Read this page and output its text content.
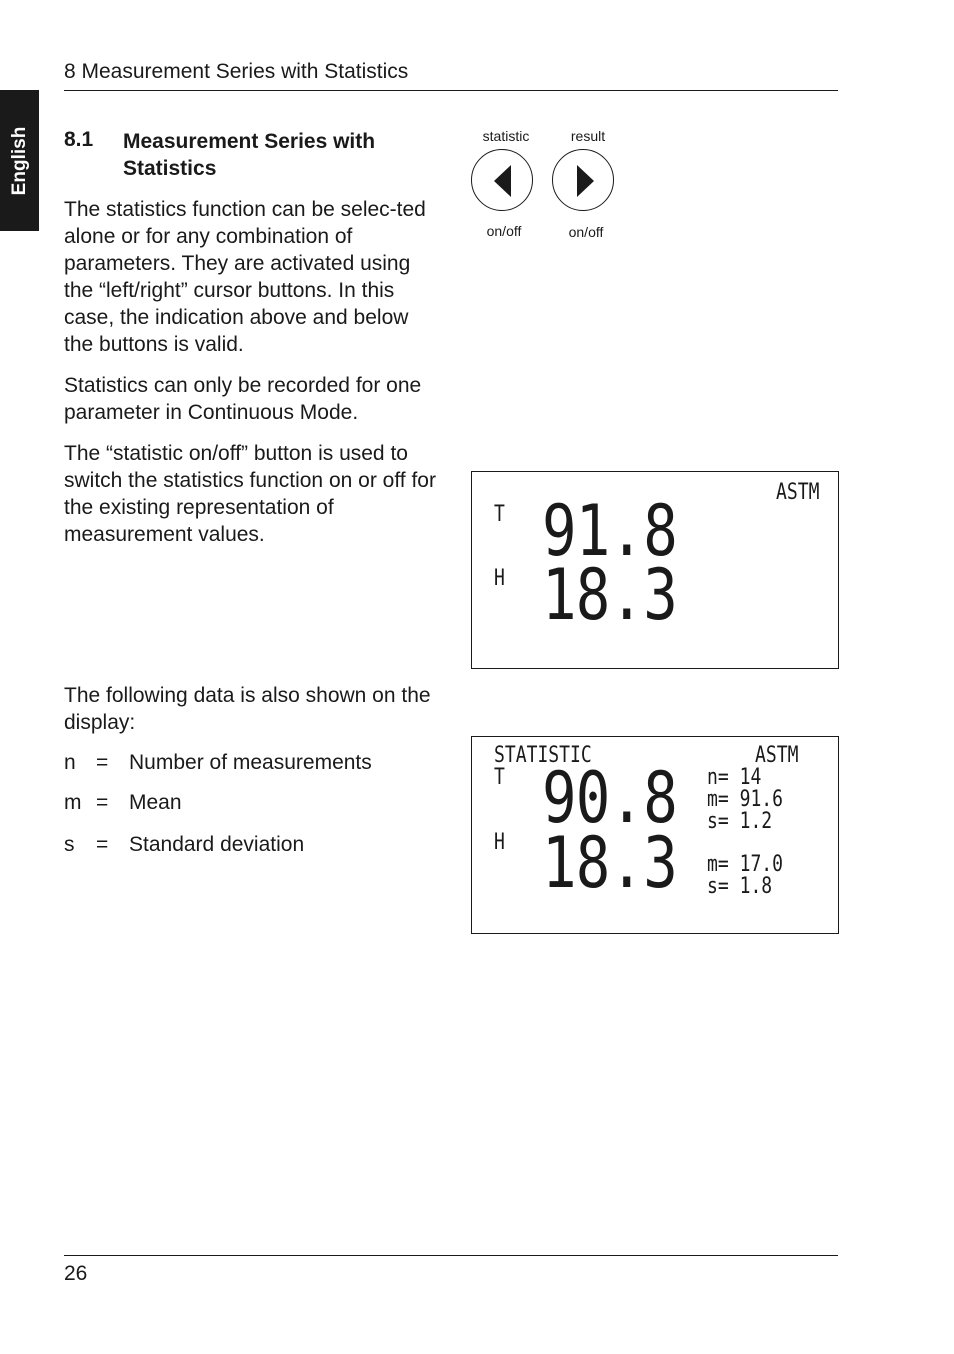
8 Measurement Series with Statistics
English 8.1 Measurement Series with Statistics

The statistics function can be selec-ted alone or for any combination of parameters. They are activated using the “left/right” cursor buttons. In this case, the indication above and below the buttons is valid.

Statistics can only be recorded for one parameter in Continuous Mode.

The “statistic on/off” button is used to switch the statistics function on or off for the existing representation of measurement values.

The following data is also shown on the display:

n = Number of measurements
m = Mean
s	= Standard deviation
statistic	result
on/off	on/off
ASTM
T 91.8
H 18.3
STATISTIC	ASTM
T 90.8 n= 14
m= 91.6
s= 1.2
H 18.3 m= 17.0
s= 1.8
26
